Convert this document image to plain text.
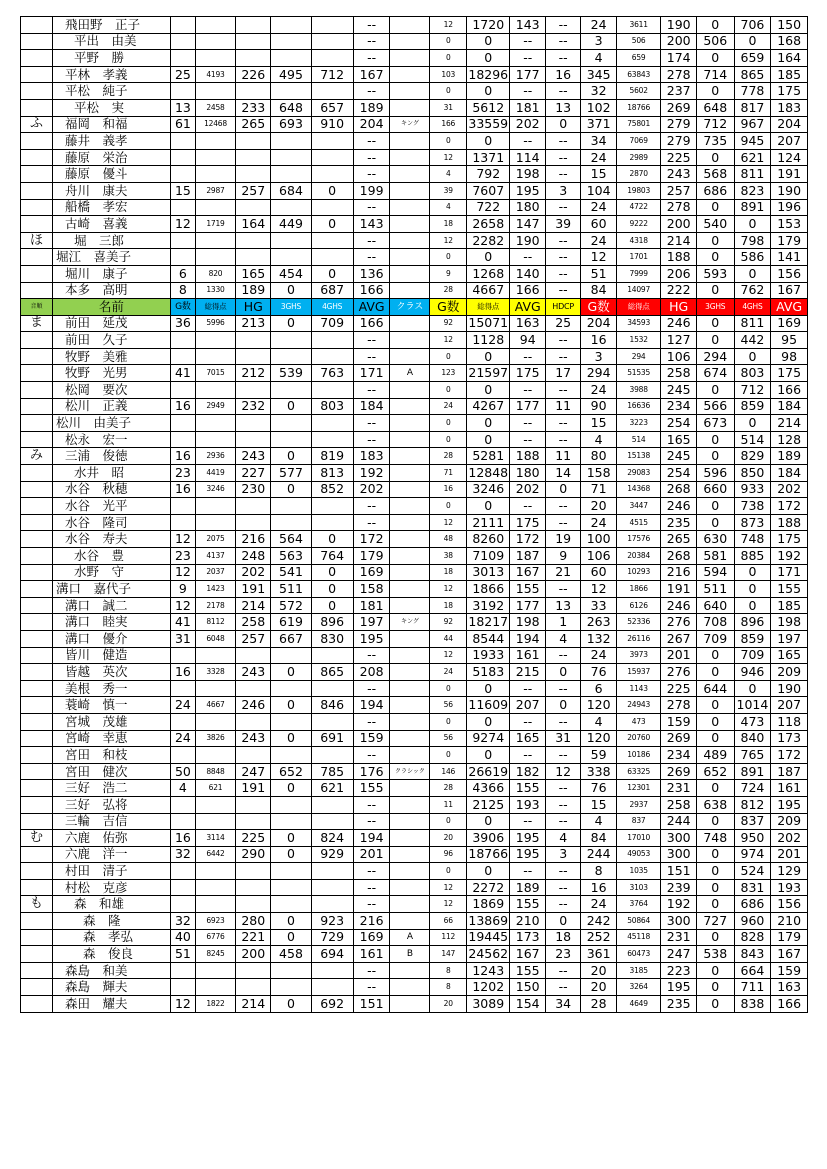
	飛田野　正子						--		12	1720	143	--	24	3611	190	0	706	150
	平出　由美						--		0	0	--	--	3	506	200	506	0	168
	平野　勝						--		0	0	--	--	4	659	174	0	659	164
	平林　孝義	25	4193	226	495	712	167		103	18296	177	16	345	63843	278	714	865	185
	平松　純子						--		0	0	--	--	32	5602	237	0	778	175
	平松　実	13	2458	233	648	657	189		31	5612	181	13	102	18766	269	648	817	183
ふ	福岡　和福	61	12468	265	693	910	204	キング	166	33559	202	0	371	75801	279	712	967	204
	藤井　義孝						--		0	0	--	--	34	7069	279	735	945	207
	藤原　栄治						--		12	1371	114	--	24	2989	225	0	621	124
	藤原　優斗						--		4	792	198	--	15	2870	243	568	811	191
	舟川　康夫	15	2987	257	684	0	199		39	7607	195	3	104	19803	257	686	823	190
	船橋　孝宏						--		4	722	180	--	24	4722	278	0	891	196
	古崎　喜義	12	1719	164	449	0	143		18	2658	147	39	60	9222	200	540	0	153
ほ	堀　三郎						--		12	2282	190	--	24	4318	214	0	798	179
	堀江　喜美子						--		0	0	--	--	12	1701	188	0	586	141
	堀川　康子	6	820	165	454	0	136		9	1268	140	--	51	7999	206	593	0	156
	本多　高明	8	1330	189	0	687	166		28	4667	166	--	84	14097	222	0	762	167
音順	名前	G数	総得点	HG	3GHS	4GHS	AVG	クラス	G数	総得点	AVG	HDCP	G数	総得点	HG	3GHS	4GHS	AVG
ま	前田　延茂	36	5996	213	0	709	166		92	15071	163	25	204	34593	246	0	811	169
	前田　久子						--		12	1128	94	--	16	1532	127	0	442	95
	牧野　美雅						--		0	0	--	--	3	294	106	294	0	98
	牧野　光男	41	7015	212	539	763	171	A	123	21597	175	17	294	51535	258	674	803	175
	松岡　要次						--		0	0	--	--	24	3988	245	0	712	166
	松川　正義	16	2949	232	0	803	184		24	4267	177	11	90	16636	234	566	859	184
	松川　由美子						--		0	0	--	--	15	3223	254	673	0	214
	松永　宏一						--		0	0	--	--	4	514	165	0	514	128
み	三浦　俊徳	16	2936	243	0	819	183		28	5281	188	11	80	15138	245	0	829	189
	水井　昭	23	4419	227	577	813	192		71	12848	180	14	158	29083	254	596	850	184
	水谷　秋穂	16	3246	230	0	852	202		16	3246	202	0	71	14368	268	660	933	202
	水谷　光平						--		0	0	--	--	20	3447	246	0	738	172
	水谷　隆司						--		12	2111	175	--	24	4515	235	0	873	188
	水谷　寿夫	12	2075	216	564	0	172		48	8260	172	19	100	17576	265	630	748	175
	水谷　豊	23	4137	248	563	764	179		38	7109	187	9	106	20384	268	581	885	192
	水野　守	12	2037	202	541	0	169		18	3013	167	21	60	10293	216	594	0	171
	溝口　嘉代子	9	1423	191	511	0	158		12	1866	155	--	12	1866	191	511	0	155
	溝口　誠二	12	2178	214	572	0	181		18	3192	177	13	33	6126	246	640	0	185
	溝口　睦実	41	8112	258	619	896	197	キング	92	18217	198	1	263	52336	276	708	896	198
	溝口　優介	31	6048	257	667	830	195		44	8544	194	4	132	26116	267	709	859	197
	皆川　健造						--		12	1933	161	--	24	3973	201	0	709	165
	皆越　英次	16	3328	243	0	865	208		24	5183	215	0	76	15937	276	0	946	209
	美根　秀一						--		0	0	--	--	6	1143	225	644	0	190
	蓑崎　慎一	24	4667	246	0	846	194		56	11609	207	0	120	24943	278	0	1014	207
	宮城　茂雄						--		0	0	--	--	4	473	159	0	473	118
	宮崎　幸恵	24	3826	243	0	691	159		56	9274	165	31	120	20760	269	0	840	173
	宮田　和枝						--		0	0	--	--	59	10186	234	489	765	172
	宮田　健次	50	8848	247	652	785	176	クラシック	146	26619	182	12	338	63325	269	652	891	187
	三好　浩二	4	621	191	0	621	155		28	4366	155	--	76	12301	231	0	724	161
	三好　弘将						--		11	2125	193	--	15	2937	258	638	812	195
	三輪　吉信						--		0	0	--	--	4	837	244	0	837	209
む	六鹿　佑弥	16	3114	225	0	824	194		20	3906	195	4	84	17010	300	748	950	202
	六鹿　洋一	32	6442	290	0	929	201		96	18766	195	3	244	49053	300	0	974	201
	村田　清子						--		0	0	--	--	8	1035	151	0	524	129
	村松　克彦						--		12	2272	189	--	16	3103	239	0	831	193
も	森　和雄						--		12	1869	155	--	24	3764	192	0	686	156
	森　隆	32	6923	280	0	923	216		66	13869	210	0	242	50864	300	727	960	210
	森　孝弘	40	6776	221	0	729	169	A	112	19445	173	18	252	45118	231	0	828	179
	森　俊良	51	8245	200	458	694	161	B	147	24562	167	23	361	60473	247	538	843	167
	森島　和美						--		8	1243	155	--	20	3185	223	0	664	159
	森島　輝夫						--		8	1202	150	--	20	3264	195	0	711	163
	森田　耀夫	12	1822	214	0	692	151		20	3089	154	34	28	4649	235	0	838	166
